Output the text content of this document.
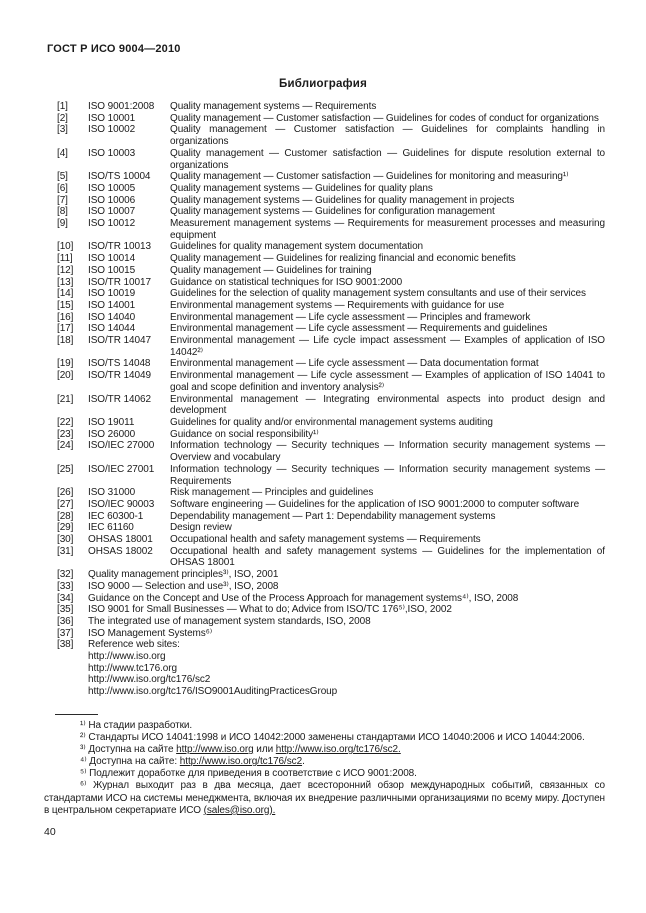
ГОСТ Р ИСО 9004—2010
Библиография
[1]	ISO 9001:2008	Quality management systems — Requirements
[2]	ISO 10001	Quality management — Customer satisfaction — Guidelines for codes of conduct for organizations
[3]	ISO 10002	Quality management — Customer satisfaction — Guidelines for complaints handling in organizations
[4]	ISO 10003	Quality management — Customer satisfaction — Guidelines for dispute resolution external to organizations
[5]	ISO/TS 10004	Quality management — Customer satisfaction — Guidelines for monitoring and measuring¹⁾
[6]	ISO 10005	Quality management systems — Guidelines for quality plans
[7]	ISO 10006	Quality management systems — Guidelines for quality management in projects
[8]	ISO 10007	Quality management systems — Guidelines for configuration management
[9]	ISO 10012	Measurement management systems — Requirements for measurement processes and measuring equipment
[10]	ISO/TR 10013	Guidelines for quality management system documentation
[11]	ISO 10014	Quality management — Guidelines for realizing financial and economic benefits
[12]	ISO 10015	Quality management — Guidelines for training
[13]	ISO/TR 10017	Guidance on statistical techniques for ISO 9001:2000
[14]	ISO 10019	Guidelines for the selection of quality management system consultants and use of their services
[15]	ISO 14001	Environmental management systems — Requirements with guidance for use
[16]	ISO 14040	Environmental management — Life cycle assessment — Principles and framework
[17]	ISO 14044	Environmental management — Life cycle assessment — Requirements and guidelines
[18]	ISO/TR 14047	Environmental management — Life cycle impact assessment — Examples of application of ISO 14042²⁾
[19]	ISO/TS 14048	Environmental management — Life cycle assessment — Data documentation format
[20]	ISO/TR 14049	Environmental management — Life cycle assessment — Examples of application of ISO 14041 to goal and scope definition and inventory analysis²⁾
[21]	ISO/TR 14062	Environmental management — Integrating environmental aspects into product design and development
[22]	ISO 19011	Guidelines for quality and/or environmental management systems auditing
[23]	ISO 26000	Guidance on social responsibility¹⁾
[24]	ISO/IEC 27000	Information technology — Security techniques — Information security management systems — Overview and vocabulary
[25]	ISO/IEC 27001	Information technology — Security techniques — Information security management systems — Requirements
[26]	ISO 31000	Risk management — Principles and guidelines
[27]	ISO/IEC 90003	Software engineering — Guidelines for the application of ISO 9001:2000 to computer software
[28]	IEC 60300-1	Dependability management — Part 1: Dependability management systems
[29]	IEC 61160	Design review
[30]	OHSAS 18001	Occupational health and safety management systems — Requirements
[31]	OHSAS 18002	Occupational health and safety management systems — Guidelines for the implementation of OHSAS 18001
[32]	Quality management principles³⁾, ISO, 2001
[33]	ISO 9000 — Selection and use³⁾, ISO, 2008
[34]	Guidance on the Concept and Use of the Process Approach for management systems⁴⁾, ISO, 2008
[35]	ISO 9001 for Small Businesses — What to do; Advice from ISO/TC 176⁵⁾,ISO, 2002
[36]	The integrated use of management system standards, ISO, 2008
[37]	ISO Management Systems⁶⁾
[38]	Reference web sites:
http://www.iso.org
http://www.tc176.org
http://www.iso.org/tc176/sc2
http://www.iso.org/tc176/ISO9001AuditingPracticesGroup

¹⁾ На стадии разработки.

²⁾ Стандарты ИСО 14041:1998 и ИСО 14042:2000 заменены стандартами ИСО 14040:2006 и ИСО 14044:2006.

³⁾ Доступна на сайте http://www.iso.org или http://www.iso.org/tc176/sc2.

⁴⁾ Доступна на сайте: http://www.iso.org/tc176/sc2.

⁵⁾ Подлежит доработке для приведения в соответствие с ИСО 9001:2008.

⁶⁾ Журнал выходит раз в два месяца, дает всесторонний обзор международных событий, связанных со стандартами ИСО на системы менеджмента, включая их внедрение различными организациями по всему миру. Доступен в центральном секретариате ИСО (sales@iso.org).

40
